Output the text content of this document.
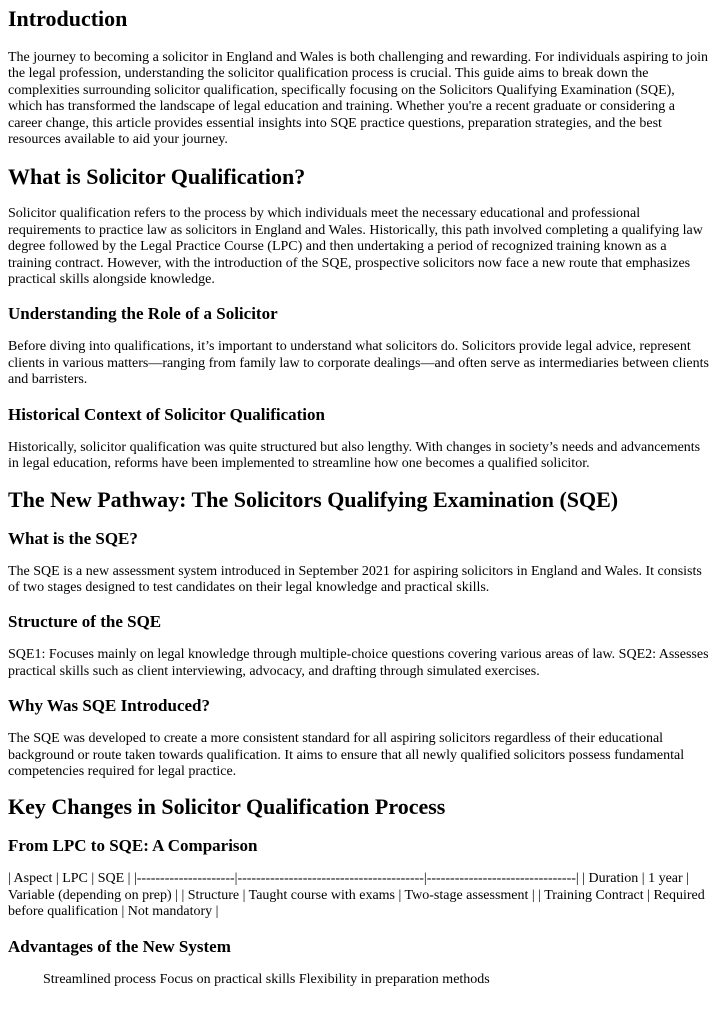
Introduction

The journey to becoming a solicitor in England and Wales is both challenging and rewarding. For individuals aspiring to join the legal profession, understanding the solicitor qualification process is crucial. This guide aims to break down the complexities surrounding solicitor qualification, specifically focusing on the Solicitors Qualifying Examination (SQE), which has transformed the landscape of legal education and training. Whether you're a recent graduate or considering a career change, this article provides essential insights into SQE practice questions, preparation strategies, and the best resources available to aid your journey.

What is Solicitor Qualification?

Solicitor qualification refers to the process by which individuals meet the necessary educational and professional requirements to practice law as solicitors in England and Wales. Historically, this path involved completing a qualifying law degree followed by the Legal Practice Course (LPC) and then undertaking a period of recognized training known as a training contract. However, with the introduction of the SQE, prospective solicitors now face a new route that emphasizes practical skills alongside knowledge.

Understanding the Role of a Solicitor

Before diving into qualifications, it’s important to understand what solicitors do. Solicitors provide legal advice, represent clients in various matters—ranging from family law to corporate dealings—and often serve as intermediaries between clients and barristers.

Historical Context of Solicitor Qualification

Historically, solicitor qualification was quite structured but also lengthy. With changes in society’s needs and advancements in legal education, reforms have been implemented to streamline how one becomes a qualified solicitor.

The New Pathway: The Solicitors Qualifying Examination (SQE)
What is the SQE?

The SQE is a new assessment system introduced in September 2021 for aspiring solicitors in England and Wales. It consists of two stages designed to test candidates on their legal knowledge and practical skills.

Structure of the SQE

SQE1: Focuses mainly on legal knowledge through multiple-choice questions covering various areas of law. SQE2: Assesses practical skills such as client interviewing, advocacy, and drafting through simulated exercises.

Why Was SQE Introduced?

The SQE was developed to create a more consistent standard for all aspiring solicitors regardless of their educational background or route taken towards qualification. It aims to ensure that all newly qualified solicitors possess fundamental competencies required for legal practice.

Key Changes in Solicitor Qualification Process
From LPC to SQE: A Comparison

| Aspect | LPC | SQE | |---------------------|----------------------------------------|--------------------------------| | Duration | 1 year | Variable (depending on prep) | | Structure | Taught course with exams | Two-stage assessment | | Training Contract | Required before qualification | Not mandatory |

Advantages of the New System

Streamlined process Focus on practical skills Flexibility in preparation methods
